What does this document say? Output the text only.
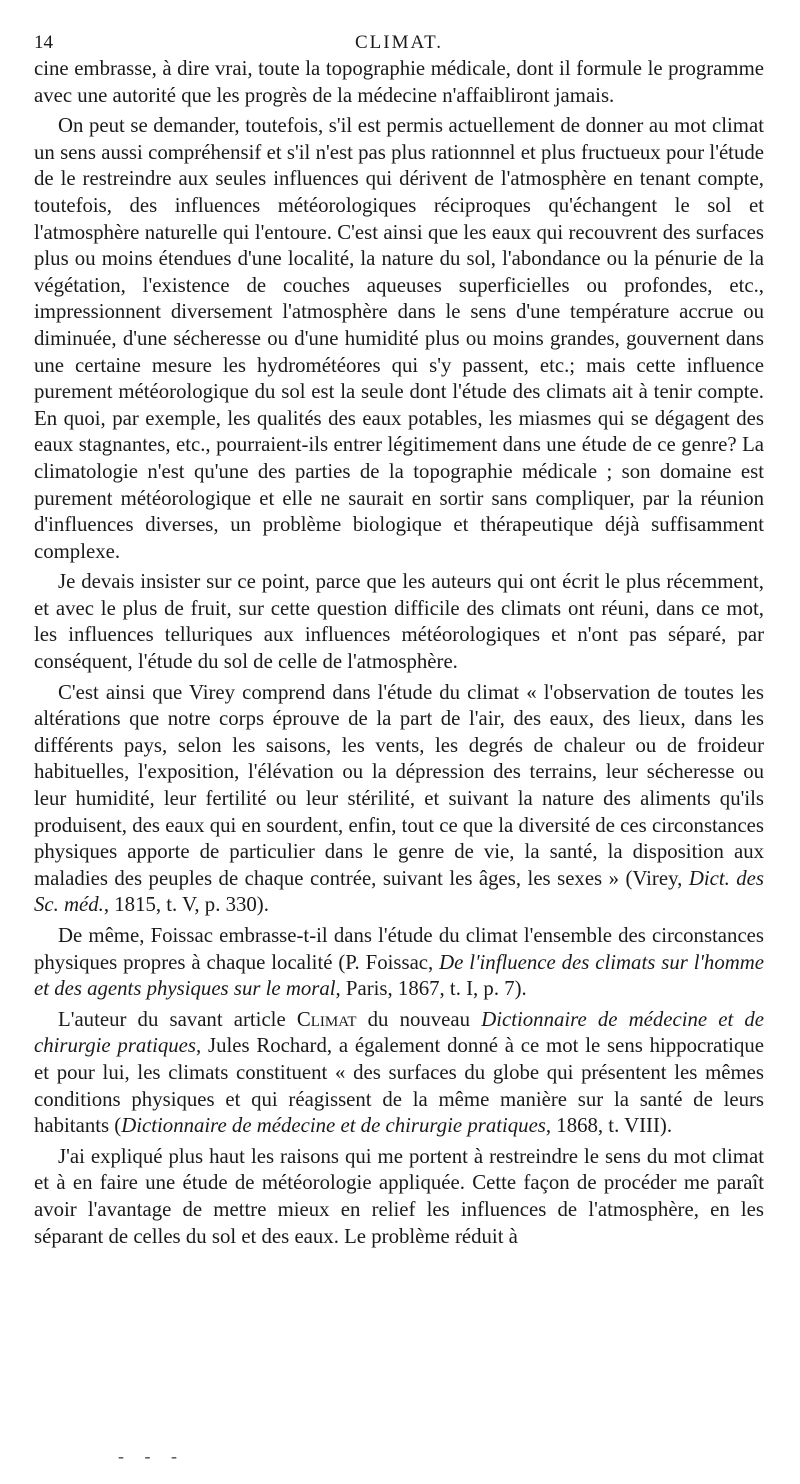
14	CLIMAT.

cine embrasse, à dire vrai, toute la topographie médicale, dont il formule le programme avec une autorité que les progrès de la médecine n'affaibliront jamais.

On peut se demander, toutefois, s'il est permis actuellement de donner au mot climat un sens aussi compréhensif et s'il n'est pas plus rationnnel et plus fructueux pour l'étude de le restreindre aux seules influences qui dérivent de l'atmosphère en tenant compte, toutefois, des influences météorologiques réciproques qu'échangent le sol et l'atmosphère naturelle qui l'entoure. C'est ainsi que les eaux qui recouvrent des surfaces plus ou moins étendues d'une localité, la nature du sol, l'abondance ou la pénurie de la végétation, l'existence de couches aqueuses superficielles ou profondes, etc., impressionnent diversement l'atmosphère dans le sens d'une température accrue ou diminuée, d'une sécheresse ou d'une humidité plus ou moins grandes, gouvernent dans une certaine mesure les hydrométéores qui s'y passent, etc.; mais cette influence purement météorologique du sol est la seule dont l'étude des climats ait à tenir compte. En quoi, par exemple, les qualités des eaux potables, les miasmes qui se dégagent des eaux stagnantes, etc., pourraient-ils entrer légitimement dans une étude de ce genre? La climatologie n'est qu'une des parties de la topographie médicale ; son domaine est purement météorologique et elle ne saurait en sortir sans compliquer, par la réunion d'influences diverses, un problème biologique et thérapeutique déjà suffisamment complexe.

Je devais insister sur ce point, parce que les auteurs qui ont écrit le plus récemment, et avec le plus de fruit, sur cette question difficile des climats ont réuni, dans ce mot, les influences telluriques aux influences météorologiques et n'ont pas séparé, par conséquent, l'étude du sol de celle de l'atmosphère.

C'est ainsi que Virey comprend dans l'étude du climat « l'observation de toutes les altérations que notre corps éprouve de la part de l'air, des eaux, des lieux, dans les différents pays, selon les saisons, les vents, les degrés de chaleur ou de froideur habituelles, l'exposition, l'élévation ou la dépression des terrains, leur sécheresse ou leur humidité, leur fertilité ou leur stérilité, et suivant la nature des aliments qu'ils produisent, des eaux qui en sourdent, enfin, tout ce que la diversité de ces circonstances physiques apporte de particulier dans le genre de vie, la santé, la disposition aux maladies des peuples de chaque contrée, suivant les âges, les sexes » (Virey, Dict. des Sc. méd., 1815, t. V, p. 330).

De même, Foissac embrasse-t-il dans l'étude du climat l'ensemble des circonstances physiques propres à chaque localité (P. Foissac, De l'influence des climats sur l'homme et des agents physiques sur le moral, Paris, 1867, t. I, p. 7).

L'auteur du savant article Climat du nouveau Dictionnaire de médecine et de chirurgie pratiques, Jules Rochard, a également donné à ce mot le sens hippocratique et pour lui, les climats constituent « des surfaces du globe qui présentent les mêmes conditions physiques et qui réagissent de la même manière sur la santé de leurs habitants (Dictionnaire de médecine et de chirurgie pratiques, 1868, t. VIII).

J'ai expliqué plus haut les raisons qui me portent à restreindre le sens du mot climat et à en faire une étude de météorologie appliquée. Cette façon de procéder me paraît avoir l'avantage de mettre mieux en relief les influences de l'atmosphère, en les séparant de celles du sol et des eaux. Le problème réduit à

- - -
